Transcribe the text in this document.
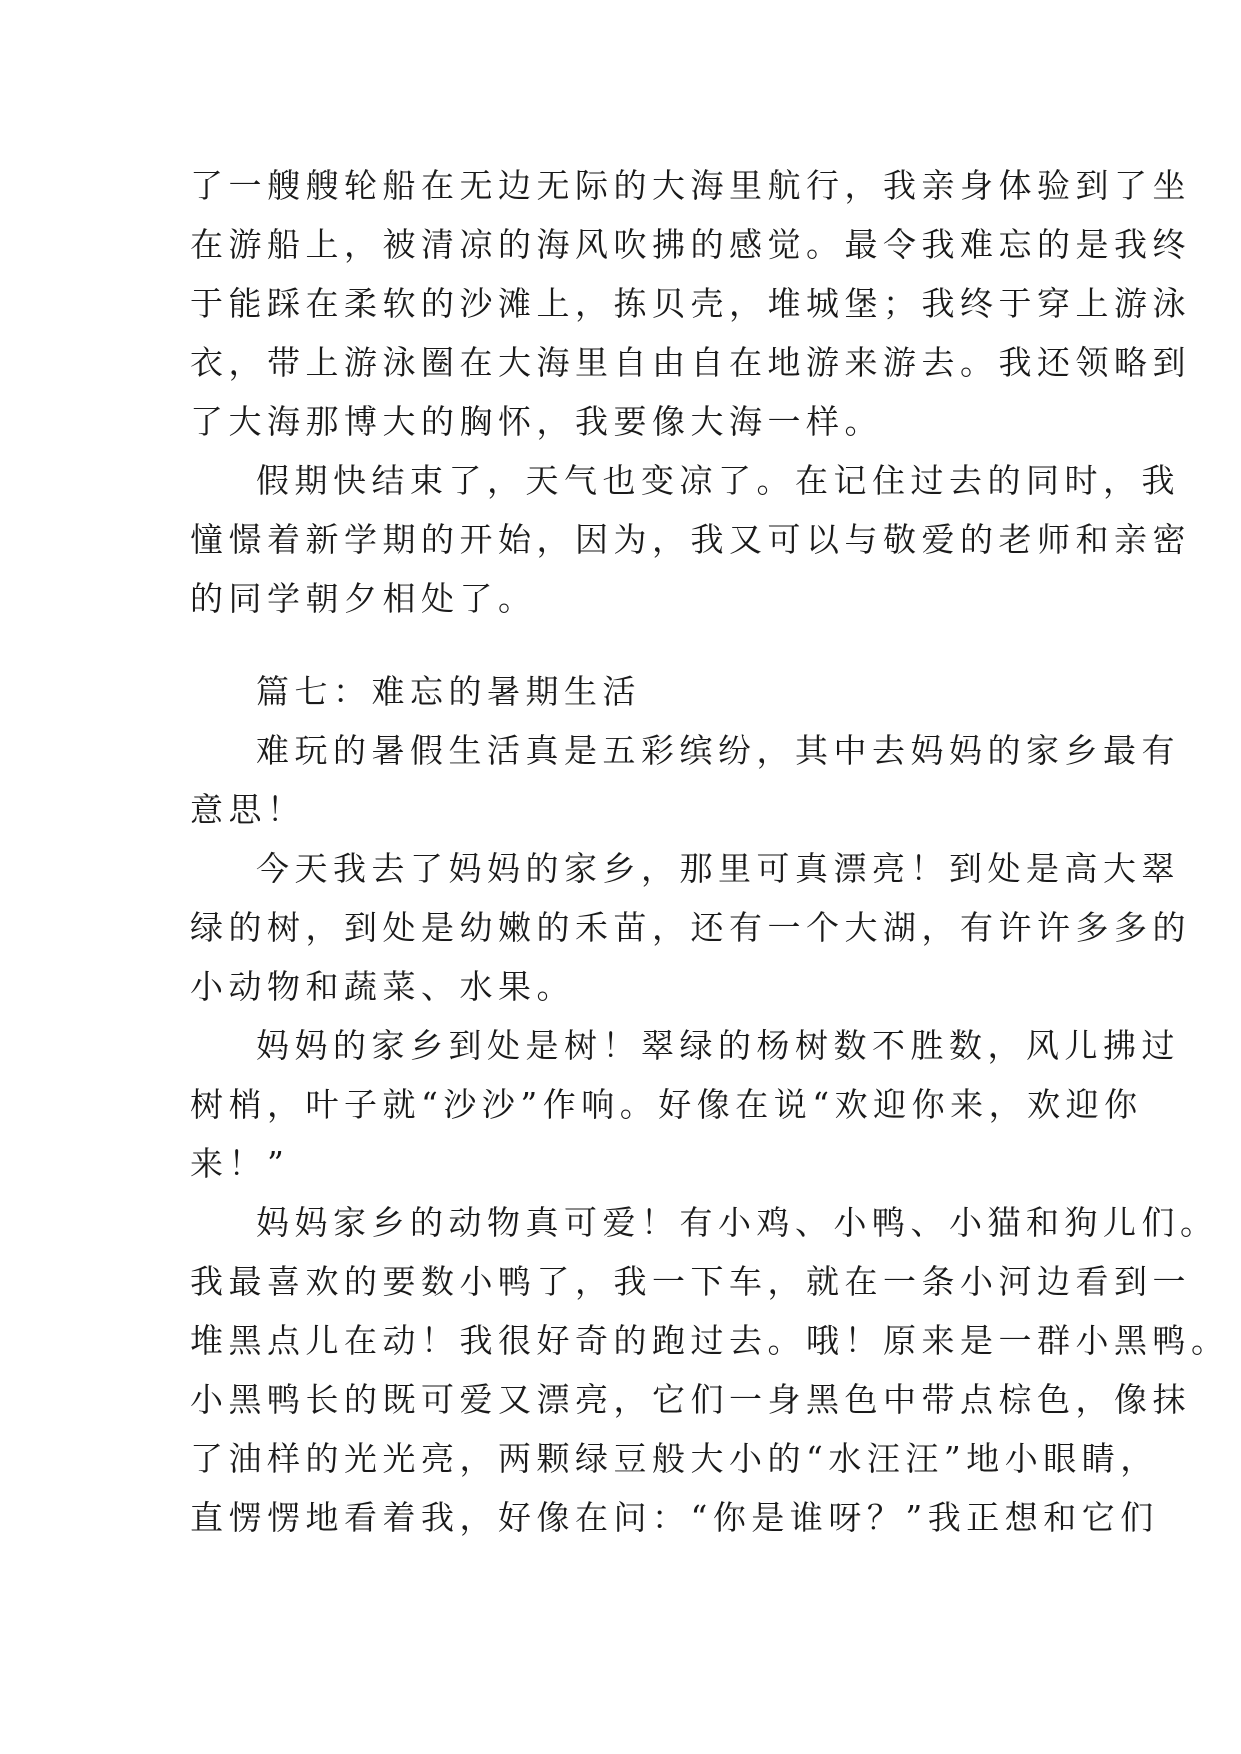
了一艘艘轮船在无边无际的大海里航行，我亲身体验到了坐
在游船上，被清凉的海风吹拂的感觉。最令我难忘的是我终
于能踩在柔软的沙滩上，拣贝壳，堆城堡；我终于穿上游泳
衣，带上游泳圈在大海里自由自在地游来游去。我还领略到
了大海那博大的胸怀，我要像大海一样。
假期快结束了，天气也变凉了。在记住过去的同时，我
憧憬着新学期的开始，因为，我又可以与敬爱的老师和亲密
的同学朝夕相处了。
篇七：难忘的暑期生活
难玩的暑假生活真是五彩缤纷，其中去妈妈的家乡最有
意思！
今天我去了妈妈的家乡，那里可真漂亮！到处是高大翠
绿的树，到处是幼嫩的禾苗，还有一个大湖，有许许多多的
小动物和蔬菜、水果。
妈妈的家乡到处是树！翠绿的杨树数不胜数，风儿拂过
树梢，叶子就“沙沙”作响。好像在说“欢迎你来，欢迎你
来！”
妈妈家乡的动物真可爱！有小鸡、小鸭、小猫和狗儿们。
我最喜欢的要数小鸭了，我一下车，就在一条小河边看到一
堆黑点儿在动！我很好奇的跑过去。哦！原来是一群小黑鸭。
小黑鸭长的既可爱又漂亮，它们一身黑色中带点棕色，像抹
了油样的光光亮，两颗绿豆般大小的“水汪汪”地小眼睛，
直愣愣地看着我，好像在问：“你是谁呀？”我正想和它们
